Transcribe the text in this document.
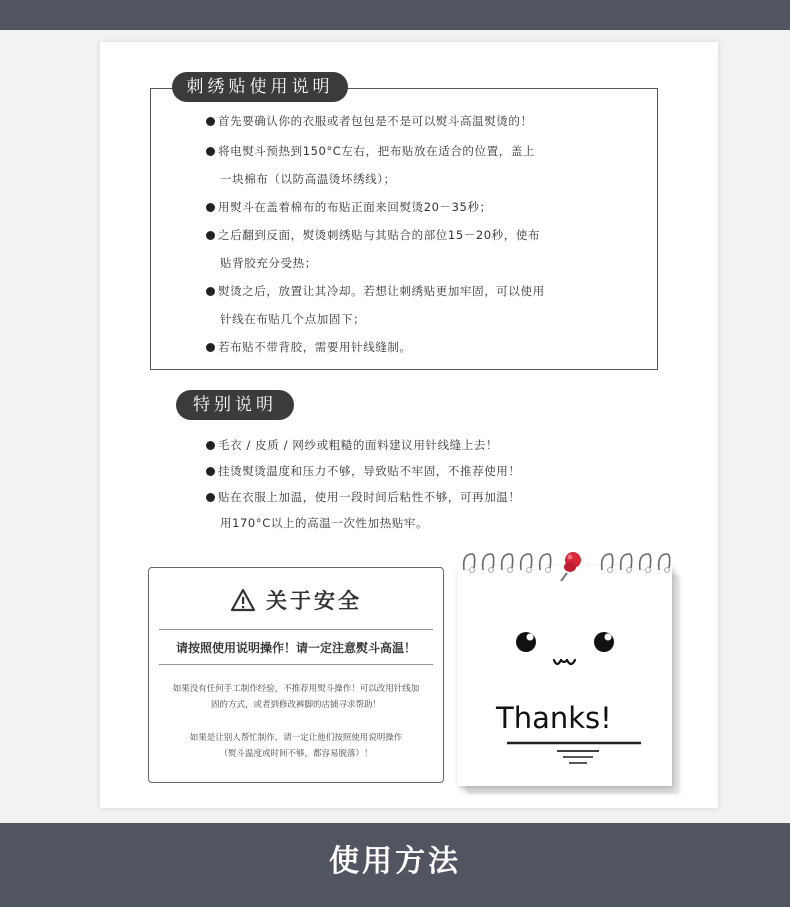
刺绣贴使用说明
首先要确认你的衣服或者包包是不是可以熨斗高温熨烫的！
将电熨斗预热到150°C左右，把布贴放在适合的位置，盖上
一块棉布（以防高温烫坏绣线）；
用熨斗在盖着棉布的布贴正面来回熨烫20－35秒；
之后翻到反面，熨烫刺绣贴与其贴合的部位15－20秒，使布
贴背胶充分受热；
熨烫之后，放置让其冷却。若想让刺绣贴更加牢固，可以使用
针线在布贴几个点加固下；
若布贴不带背胶，需要用针线缝制。
特别说明
毛衣 / 皮质 / 网纱或粗糙的面料建议用针线缝上去！
挂烫熨烫温度和压力不够，导致贴不牢固，不推荐使用！
贴在衣服上加温，使用一段时间后粘性不够，可再加温！
用170°C以上的高温一次性加热贴牢。
关于安全
请按照使用说明操作！请一定注意熨斗高温！
如果没有任何手工制作经验，不推荐用熨斗操作！可以改用针线加
固的方式，或者到修改裤脚的店铺寻求帮助！
如果是让别人帮忙制作，请一定让他们按照使用说明操作
（熨斗温度或时间不够，都容易脱落）！
Thanks!
使用方法
